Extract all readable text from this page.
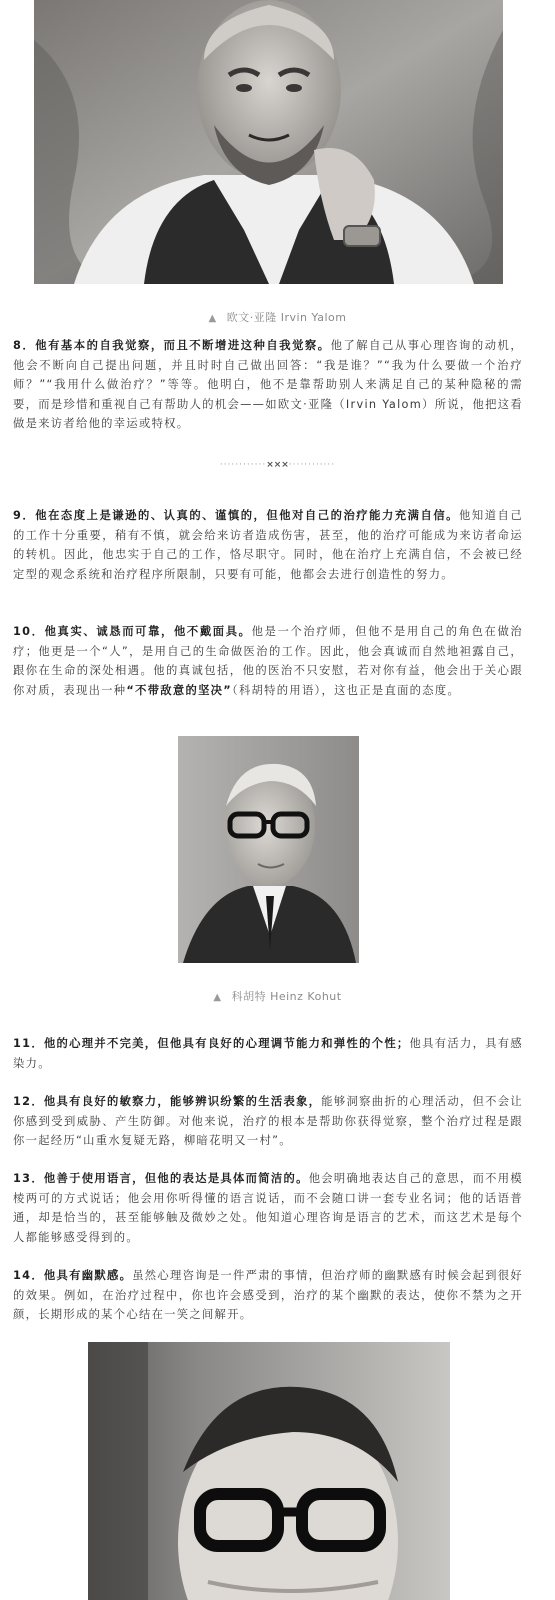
▲ 欧文·亚隆 Irvin Yalom
8．他有基本的自我觉察，而且不断增进这种自我觉察。他了解自己从事心理咨询的动机，他会不断向自己提出问题，并且时时自己做出回答：“我是谁？”“我为什么要做一个治疗师？”“我用什么做治疗？”等等。他明白，他不是靠帮助别人来满足自己的某种隐秘的需要，而是珍惜和重视自己有帮助人的机会——如欧文·亚隆（Irvin Yalom）所说，他把这看做是来访者给他的幸运或特权。
············×××············
9．他在态度上是谦逊的、认真的、谨慎的，但他对自己的治疗能力充满自信。他知道自己的工作十分重要，稍有不慎，就会给来访者造成伤害，甚至，他的治疗可能成为来访者命运的转机。因此，他忠实于自己的工作，恪尽职守。同时，他在治疗上充满自信，不会被已经定型的观念系统和治疗程序所限制，只要有可能，他都会去进行创造性的努力。
10．他真实、诚恳而可靠，他不戴面具。他是一个治疗师，但他不是用自己的角色在做治疗；他更是一个“人”，是用自己的生命做医治的工作。因此，他会真诚而自然地袒露自己，跟你在生命的深处相遇。他的真诚包括，他的医治不只安慰，若对你有益，他会出于关心跟你对质，表现出一种“不带敌意的坚决”（科胡特的用语），这也正是直面的态度。
▲ 科胡特 Heinz Kohut
11．他的心理并不完美，但他具有良好的心理调节能力和弹性的个性；他具有活力，具有感染力。
12．他具有良好的敏察力，能够辨识纷繁的生活表象，能够洞察曲折的心理活动，但不会让你感到受到威胁、产生防御。对他来说，治疗的根本是帮助你获得觉察，整个治疗过程是跟你一起经历“山重水复疑无路，柳暗花明又一村”。
13．他善于使用语言，但他的表达是具体而简洁的。他会明确地表达自己的意思，而不用模棱两可的方式说话；他会用你听得懂的语言说话，而不会随口讲一套专业名词；他的话语普通，却是恰当的，甚至能够触及微妙之处。他知道心理咨询是语言的艺术，而这艺术是每个人都能够感受得到的。
14．他具有幽默感。虽然心理咨询是一件严肃的事情，但治疗师的幽默感有时候会起到很好的效果。例如，在治疗过程中，你也许会感受到，治疗的某个幽默的表达，使你不禁为之开颜，长期形成的某个心结在一笑之间解开。
